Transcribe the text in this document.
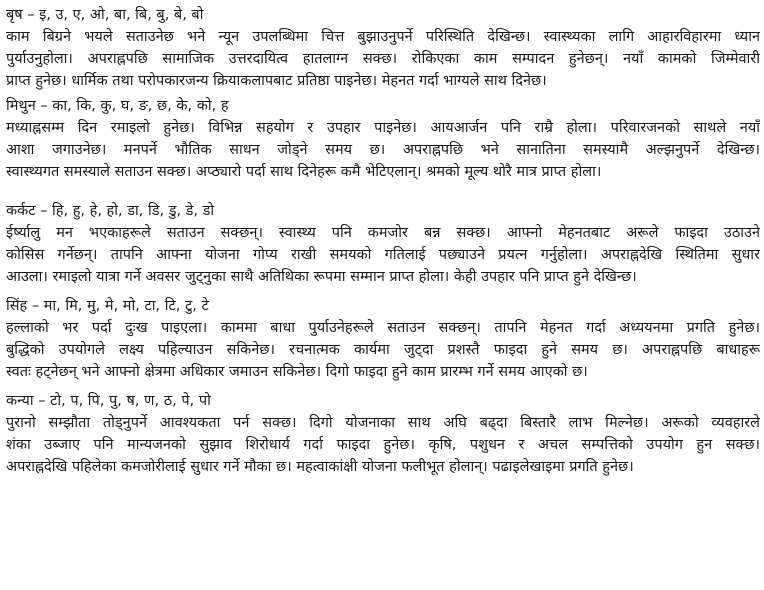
बृष – इ, उ, ए, ओ, बा, बि, बु, बे, बो
काम बिग्रने भयले सताउनेछ भने न्यून उपलब्धिमा चित्त बुझाउनुपर्ने परिस्थिति देखिन्छ। स्वास्थ्यका लागि आहारविहारमा ध्यान
पुर्याउनुहोला। अपराह्नपछि सामाजिक उत्तरदायित्व हातलाग्न सक्छ। रोकिएका काम सम्पादन हुनेछन्। नयाँ कामको जिम्मेवारी
प्राप्त हुनेछ। धार्मिक तथा परोपकारजन्य क्रियाकलापबाट प्रतिष्ठा पाइनेछ। मेहनत गर्दा भाग्यले साथ दिनेछ।
मिथुन – का, कि, कु, घ, ङ, छ, के, को, ह
मध्याह्नसम्म दिन रमाइलो हुनेछ। विभिन्न सहयोग र उपहार पाइनेछ। आयआर्जन पनि राम्रै होला। परिवारजनको साथले नयाँ
आशा जगाउनेछ। मनपर्ने भौतिक साधन जोड्ने समय छ। अपराह्नपछि भने सानातिना समस्यामै अल्झनुपर्ने देखिन्छ।
स्वास्थ्यगत समस्याले सताउन सक्छ। अप्ठ्यारो पर्दा साथ दिनेहरू कमै भेटिएलान्। श्रमको मूल्य थोरै मात्र प्राप्त होला।
कर्कट – हि, हु, हे, हो, डा, डि, डु, डे, डो
ईर्ष्यालु मन भएकाहरूले सताउन सक्छन्। स्वास्थ्य पनि कमजोर बन्न सक्छ। आफ्नो मेहनतबाट अरूले फाइदा उठाउने
कोसिस गर्नेछन्। तापनि आफ्ना योजना गोप्य राखी समयको गतिलाई पछ्याउने प्रयत्न गर्नुहोला। अपराह्नदेखि स्थितिमा सुधार
आउला। रमाइलो यात्रा गर्ने अवसर जुट्नुका साथै अतिथिका रूपमा सम्मान प्राप्त होला। केही उपहार पनि प्राप्त हुने देखिन्छ।
सिंह – मा, मि, मु, मे, मो, टा, टि, टु, टे
हल्लाको भर पर्दा दुःख पाइएला। काममा बाधा पुर्याउनेहरूले सताउन सक्छन्। तापनि मेहनत गर्दा अध्ययनमा प्रगति हुनेछ।
बुद्धिको उपयोगले लक्ष्य पहिल्याउन सकिनेछ। रचनात्मक कार्यमा जुट्दा प्रशस्तै फाइदा हुने समय छ। अपराह्नपछि बाधाहरू
स्वतः हट्नेछन् भने आफ्नो क्षेत्रमा अधिकार जमाउन सकिनेछ। दिगो फाइदा हुने काम प्रारम्भ गर्ने समय आएको छ।
कन्या – टो, प, पि, पु, ष, ण, ठ, पे, पो
पुरानो सम्झौता तोड्नुपर्ने आवश्यकता पर्न सक्छ। दिगो योजनाका साथ अघि बढ्दा बिस्तारै लाभ मिल्नेछ। अरूको व्यवहारले
शंका उब्जाए पनि मान्यजनको सुझाव शिरोधार्य गर्दा फाइदा हुनेछ। कृषि, पशुधन र अचल सम्पत्तिको उपयोग हुन सक्छ।
अपराह्नदेखि पहिलेका कमजोरीलाई सुधार गर्ने मौका छ। महत्वाकांक्षी योजना फलीभूत होलान्। पढाइलेखाइमा प्रगति हुनेछ।
